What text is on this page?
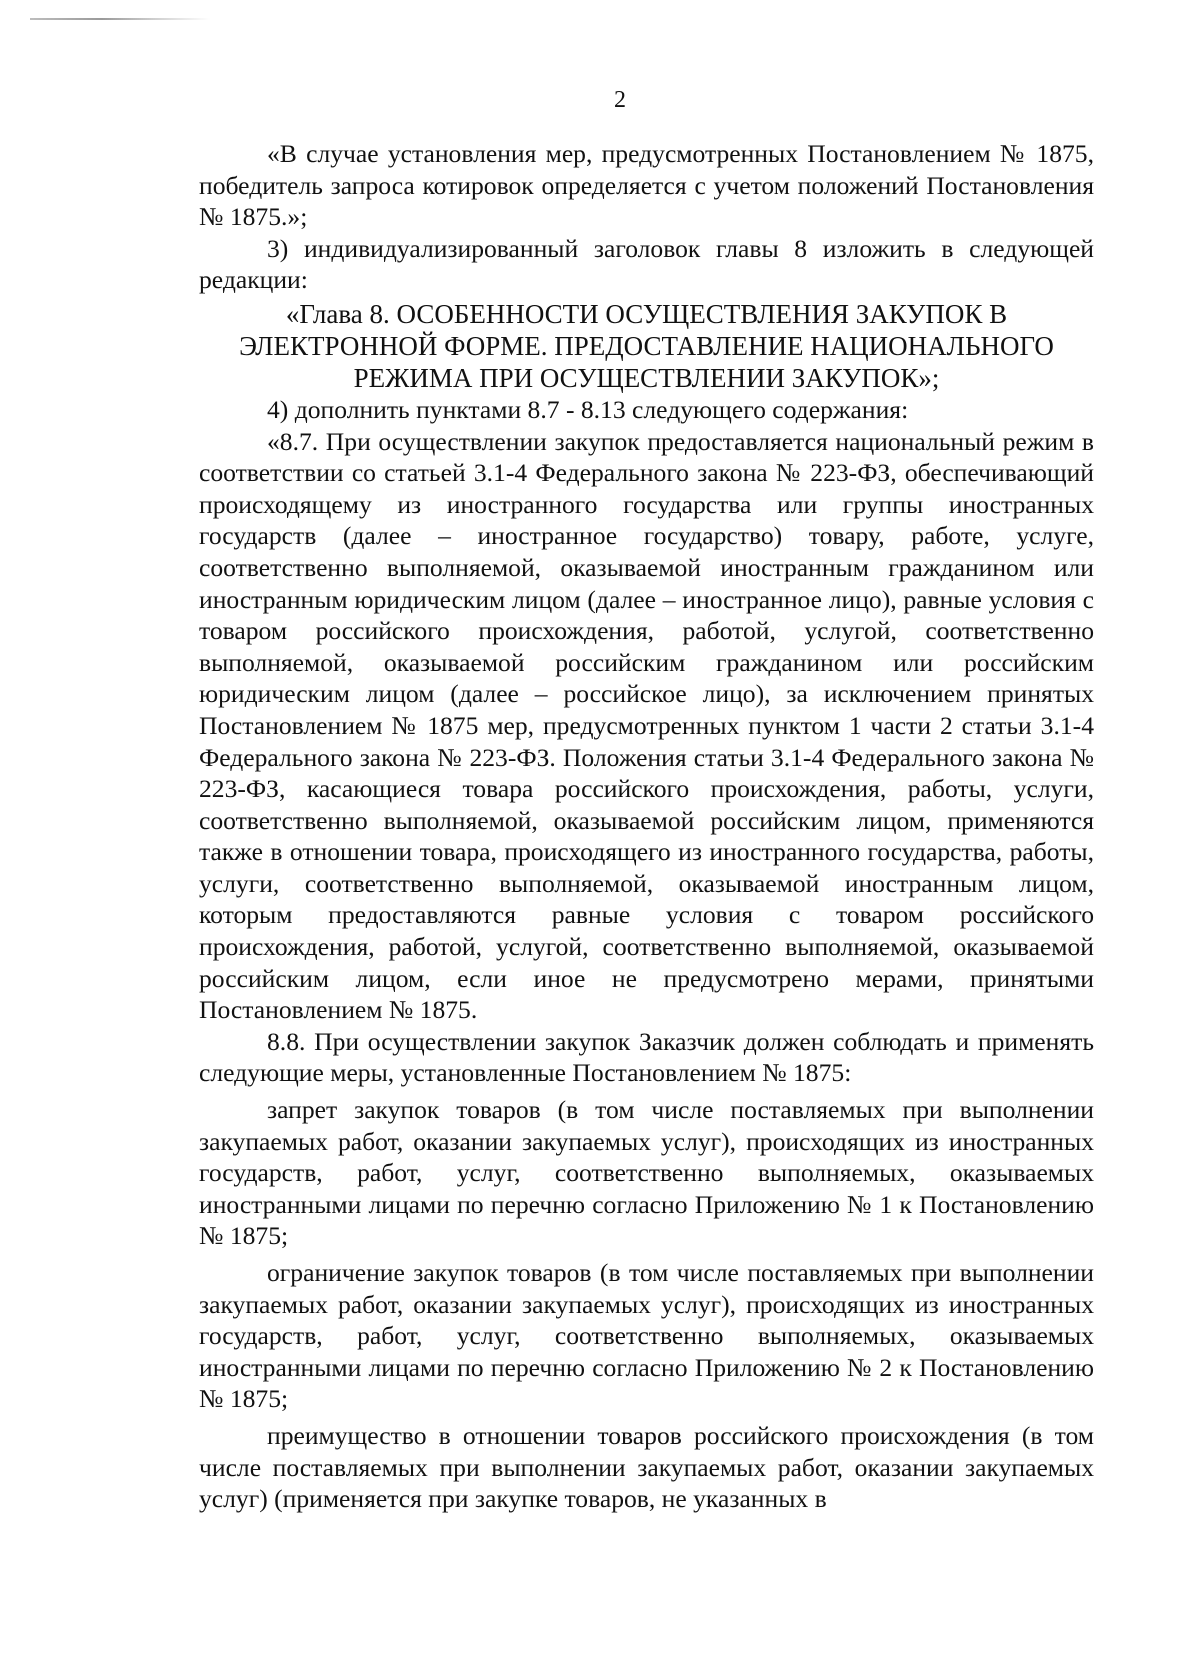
2

«В случае установления мер, предусмотренных Постановлением № 1875, победитель запроса котировок определяется с учетом положений Постановления № 1875.»;

3) индивидуализированный заголовок главы 8 изложить в следующей редакции:

«Глава 8. ОСОБЕННОСТИ ОСУЩЕСТВЛЕНИЯ ЗАКУПОК В
ЭЛЕКТРОННОЙ ФОРМЕ. ПРЕДОСТАВЛЕНИЕ НАЦИОНАЛЬНОГО
РЕЖИМА ПРИ ОСУЩЕСТВЛЕНИИ ЗАКУПОК»;

4) дополнить пунктами 8.7 - 8.13 следующего содержания:

«8.7. При осуществлении закупок предоставляется национальный режим в соответствии со статьей 3.1-4 Федерального закона № 223-ФЗ, обеспечивающий происходящему из иностранного государства или группы иностранных государств (далее – иностранное государство) товару, работе, услуге, соответственно выполняемой, оказываемой иностранным гражданином или иностранным юридическим лицом (далее – иностранное лицо), равные условия с товаром российского происхождения, работой, услугой, соответственно выполняемой, оказываемой российским гражданином или российским юридическим лицом (далее – российское лицо), за исключением принятых Постановлением № 1875 мер, предусмотренных пунктом 1 части 2 статьи 3.1-4 Федерального закона № 223-ФЗ. Положения статьи 3.1-4 Федерального закона № 223-ФЗ, касающиеся товара российского происхождения, работы, услуги, соответственно выполняемой, оказываемой российским лицом, применяются также в отношении товара, происходящего из иностранного государства, работы, услуги, соответственно выполняемой, оказываемой иностранным лицом, которым предоставляются равные условия с товаром российского происхождения, работой, услугой, соответственно выполняемой, оказываемой российским лицом, если иное не предусмотрено мерами, принятыми Постановлением № 1875.

8.8. При осуществлении закупок Заказчик должен соблюдать и применять следующие меры, установленные Постановлением № 1875:

запрет закупок товаров (в том числе поставляемых при выполнении закупаемых работ, оказании закупаемых услуг), происходящих из иностранных государств, работ, услуг, соответственно выполняемых, оказываемых иностранными лицами по перечню согласно Приложению № 1 к Постановлению № 1875;

ограничение закупок товаров (в том числе поставляемых при выполнении закупаемых работ, оказании закупаемых услуг), происходящих из иностранных государств, работ, услуг, соответственно выполняемых, оказываемых иностранными лицами по перечню согласно Приложению № 2 к Постановлению № 1875;

преимущество в отношении товаров российского происхождения (в том числе поставляемых при выполнении закупаемых работ, оказании закупаемых услуг) (применяется при закупке товаров, не указанных в
